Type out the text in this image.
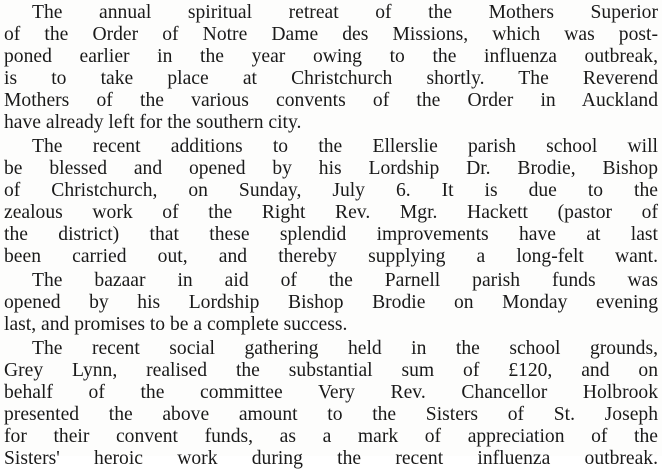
The annual spiritual retreat of the Mothers Superior
of the Order of Notre Dame des Missions, which was post-
poned earlier in the year owing to the influenza outbreak,
is to take place at Christchurch shortly. The Reverend
Mothers of the various convents of the Order in Auckland
have already left for the southern city.
The recent additions to the Ellerslie parish school will
be blessed and opened by his Lordship Dr. Brodie, Bishop
of Christchurch, on Sunday, July 6. It is due to the
zealous work of the Right Rev. Mgr. Hackett (pastor of
the district) that these splendid improvements have at last
been carried out, and thereby supplying a long-felt want.
The bazaar in aid of the Parnell parish funds was
opened by his Lordship Bishop Brodie on Monday evening
last, and promises to be a complete success.
The recent social gathering held in the school grounds,
Grey Lynn, realised the substantial sum of £120, and on
behalf of the committee Very Rev. Chancellor Holbrook
presented the above amount to the Sisters of St. Joseph
for their convent funds, as a mark of appreciation of the
Sisters' heroic work during the recent influenza outbreak.
